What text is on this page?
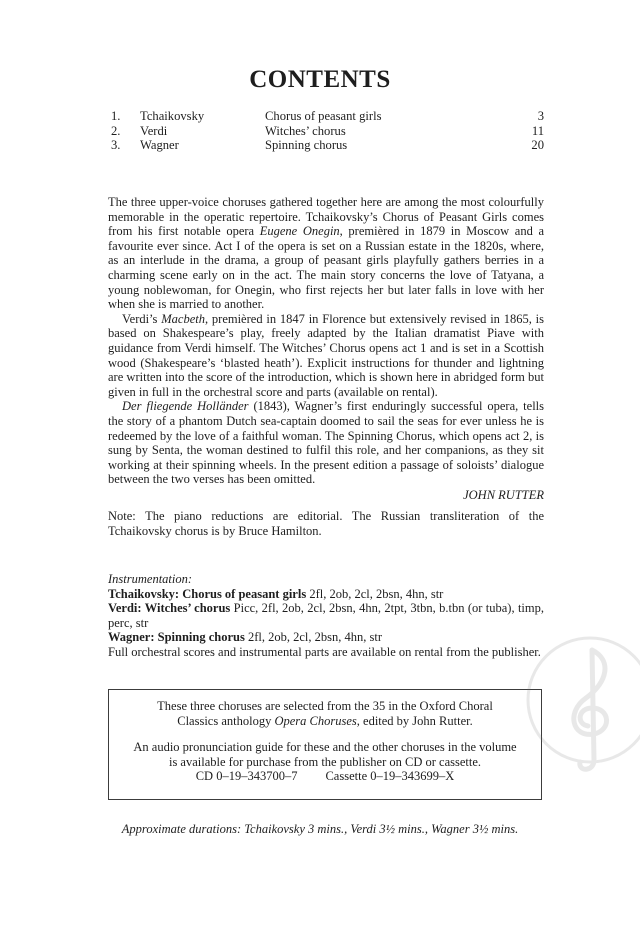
CONTENTS
1. Tchaikovsky	Chorus of peasant girls	3
2. Verdi	Witches’ chorus	11
3. Wagner	Spinning chorus	20

The three upper-voice choruses gathered together here are among the most colourfully memorable in the operatic repertoire. Tchaikovsky’s Chorus of Peasant Girls comes from his first notable opera Eugene Onegin, premièred in 1879 in Moscow and a favourite ever since. Act I of the opera is set on a Russian estate in the 1820s, where, as an interlude in the drama, a group of peasant girls playfully gathers berries in a charming scene early on in the act. The main story concerns the love of Tatyana, a young noblewoman, for Onegin, who first rejects her but later falls in love with her when she is married to another.

Verdi’s Macbeth, premièred in 1847 in Florence but extensively revised in 1865, is based on Shakespeare’s play, freely adapted by the Italian dramatist Piave with guidance from Verdi himself. The Witches’ Chorus opens act 1 and is set in a Scottish wood (Shakespeare’s ‘blasted heath’). Explicit instructions for thunder and lightning are written into the score of the introduction, which is shown here in abridged form but given in full in the orchestral score and parts (available on rental).

Der fliegende Holländer (1843), Wagner’s first enduringly successful opera, tells the story of a phantom Dutch sea-captain doomed to sail the seas for ever unless he is redeemed by the love of a faithful woman. The Spinning Chorus, which opens act 2, is sung by Senta, the woman destined to fulfil this role, and her companions, as they sit working at their spinning wheels. In the present edition a passage of soloists’ dialogue between the two verses has been omitted.

JOHN RUTTER

Note: The piano reductions are editorial. The Russian transliteration of the Tchaikovsky chorus is by Bruce Hamilton.

Instrumentation:

Tchaikovsky: Chorus of peasant girls 2fl, 2ob, 2cl, 2bsn, 4hn, str

Verdi: Witches’ chorus Picc, 2fl, 2ob, 2cl, 2bsn, 4hn, 2tpt, 3tbn, b.tbn (or tuba), timp, perc, str

Wagner: Spinning chorus 2fl, 2ob, 2cl, 2bsn, 4hn, str

Full orchestral scores and instrumental parts are available on rental from the publisher.

These three choruses are selected from the 35 in the Oxford Choral

Classics anthology Opera Choruses, edited by John Rutter.

An audio pronunciation guide for these and the other choruses in the volume is available for purchase from the publisher on CD or cassette.

CD 0–19–343700–7 Cassette 0–19–343699–X

Approximate durations: Tchaikovsky 3 mins., Verdi 3½ mins., Wagner 3½ mins.
